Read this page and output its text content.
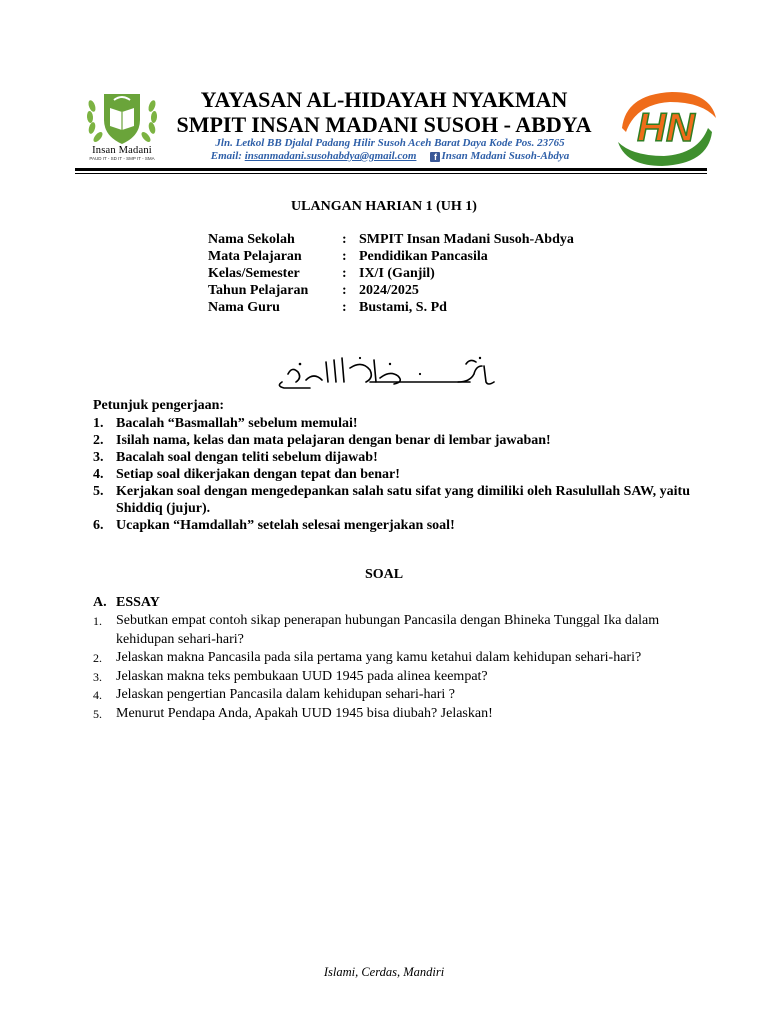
Insan Madani
PAUD IT - SD IT - SMP IT - SMA
HN
YAYASAN AL-HIDAYAH NYAKMAN
SMPIT INSAN MADANI SUSOH - ABDYA
Jln. Letkol BB Djalal Padang Hilir Susoh Aceh Barat Daya Kode Pos. 23765
Email: insanmadani.susohabdya@gmail.com f Insan Madani Susoh-Abdya
ULANGAN HARIAN 1 (UH 1)
Nama Sekolah	: SMPIT Insan Madani Susoh-Abdya
Mata Pelajaran	: Pendidikan Pancasila
Kelas/Semester	: IX/I (Ganjil)
Tahun Pelajaran	: 2024/2025
Nama Guru	: Bustami, S. Pd
Petunjuk pengerjaan:
1. Bacalah “Basmallah” sebelum memulai!
2. Isilah nama, kelas dan mata pelajaran dengan benar di lembar jawaban!
3. Bacalah soal dengan teliti sebelum dijawab!
4. Setiap soal dikerjakan dengan tepat dan benar!
5. Kerjakan soal dengan mengedepankan salah satu sifat yang dimiliki oleh Rasulullah SAW, yaitu Shiddiq (jujur).
6. Ucapkan “Hamdallah” setelah selesai mengerjakan soal!
SOAL
A. ESSAY
1.	Sebutkan empat contoh sikap penerapan hubungan Pancasila dengan Bhineka Tunggal Ika dalam kehidupan sehari-hari?
2.	Jelaskan makna Pancasila pada sila pertama yang kamu ketahui dalam kehidupan sehari-hari?
3.	Jelaskan makna teks pembukaan UUD 1945 pada alinea keempat?
4.	Jelaskan pengertian Pancasila dalam kehidupan sehari-hari ?
5.	Menurut Pendapa Anda, Apakah UUD 1945 bisa diubah? Jelaskan!
Islami, Cerdas, Mandiri
